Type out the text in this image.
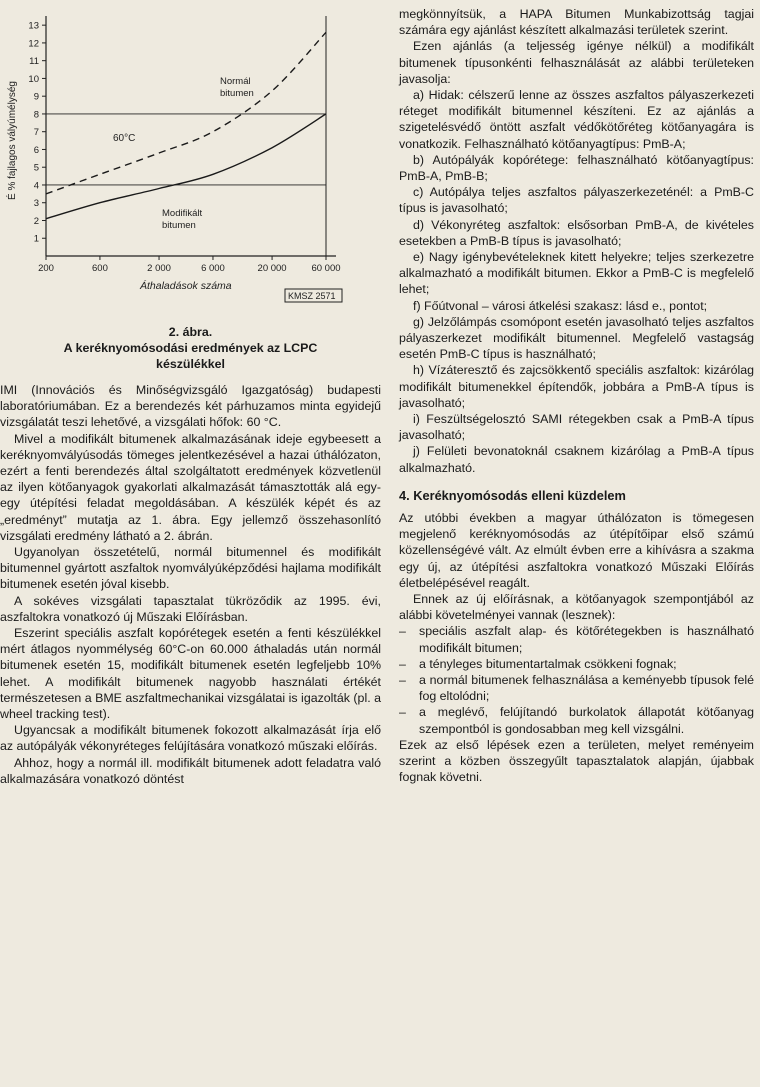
1
2
3
4
5
6
7
8
9
10
11
12
13
200	600	2 000	6 000	20 000	60 000
É % fajlagos vályúmélység
Áthaladások száma
60°C
Normál
bitumen
Modifikált
bitumen
KMSZ 2571
2. ábra.
A keréknyomósodási eredmények az LCPC
készülékkel

IMI (Innovációs és Minőségvizsgáló Igazgatóság) budapesti laboratóriumában. Ez a berendezés két párhuzamos minta egyidejű vizsgálatát teszi lehetővé, a vizsgálati hőfok: 60 °C.

Mivel a modifikált bitumenek alkalmazásának ideje egybeesett a keréknyomvályúsodás tömeges jelentkezésével a hazai úthálózaton, ezért a fenti berendezés által szolgáltatott eredmények közvetlenül az ilyen kötőanyagok gyakorlati alkalmazását támasztották alá egy-egy útépítési feladat megoldásában. A készülék képét és az „eredményt” mutatja az 1. ábra. Egy jellemző összehasonlító vizsgálati eredmény látható a 2. ábrán.

Ugyanolyan összetételű, normál bitumennel és modifikált bitumennel gyártott aszfaltok nyomvályúképződési hajlama modifikált bitumenek esetén jóval kisebb.

A sokéves vizsgálati tapasztalat tükröződik az 1995. évi, aszfaltokra vonatkozó új Műszaki Előírásban.

Eszerint speciális aszfalt kopórétegek esetén a fenti készülékkel mért átlagos nyommélység 60°C-on 60.000 áthaladás után normál bitumenek esetén 15, modifikált bitumenek esetén legfeljebb 10% lehet. A modifikált bitumenek nagyobb használati értékét természetesen a BME aszfaltmechanikai vizsgálatai is igazolták (pl. a wheel tracking test).

Ugyancsak a modifikált bitumenek fokozott alkalmazását írja elő az autópályák vékonyréteges felújítására vonatkozó műszaki előírás.

Ahhoz, hogy a normál ill. modifikált bitumenek adott feladatra való alkalmazására vonatkozó döntést

megkönnyítsük, a HAPA Bitumen Munkabizottság tagjai számára egy ajánlást készített alkalmazási területek szerint.

Ezen ajánlás (a teljesség igénye nélkül) a modifikált bitumenek típusonkénti felhasználását az alábbi területeken javasolja:

a) Hidak: célszerű lenne az összes aszfaltos pályaszerkezeti réteget modifikált bitumennel készíteni. Ez az ajánlás a szigetelésvédő öntött aszfalt védőkötőréteg kötőanyagára is vonatkozik. Felhasználható kötőanyagtípus: PmB-A;

b) Autópályák kopórétege: felhasználható kötőanyagtípus: PmB-A, PmB-B;

c) Autópálya teljes aszfaltos pályaszerkezeténél: a PmB-C típus is javasolható;

d) Vékonyréteg aszfaltok: elsősorban PmB-A, de kivételes esetekben a PmB-B típus is javasolható;

e) Nagy igénybevételeknek kitett helyekre; teljes szerkezetre alkalmazható a modifikált bitumen. Ekkor a PmB-C is megfelelő lehet;

f) Főútvonal – városi átkelési szakasz: lásd e., pontot;

g) Jelzőlámpás csomópont esetén javasolható teljes aszfaltos pályaszerkezet modifikált bitumennel. Megfelelő vastagság esetén PmB-C típus is használható;

h) Vízáteresztő és zajcsökkentő speciális aszfaltok: kizárólag modifikált bitumenekkel építendők, jobbára a PmB-A típus is javasolható;

i) Feszültségelosztó SAMI rétegekben csak a PmB-A típus javasolható;

j) Felületi bevonatoknál csaknem kizárólag a PmB-A típus alkalmazható.

4. Keréknyomósodás elleni küzdelem

Az utóbbi években a magyar úthálózaton is tömegesen megjelenő keréknyomósodás az útépítőipar első számú közellenségévé vált. Az elmúlt évben erre a kihívásra a szakma egy új, az útépítési aszfaltokra vonatkozó Műszaki Előírás életbelépésével reagált.

Ennek az új előírásnak, a kötőanyagok szempontjából az alábbi követelményei vannak (lesznek):

– speciális aszfalt alap- és kötőrétegekben is használható modifikált bitumen;
– a tényleges bitumentartalmak csökkeni fognak;
– a normál bitumenek felhasználása a keményebb típusok felé fog eltolódni;
– a meglévő, felújítandó burkolatok állapotát kötőanyag szempontból is gondosabban meg kell vizsgálni.

Ezek az első lépések ezen a területen, melyet reményeim szerint a közben összegyűlt tapasztalatok alapján, újabbak fognak követni.
